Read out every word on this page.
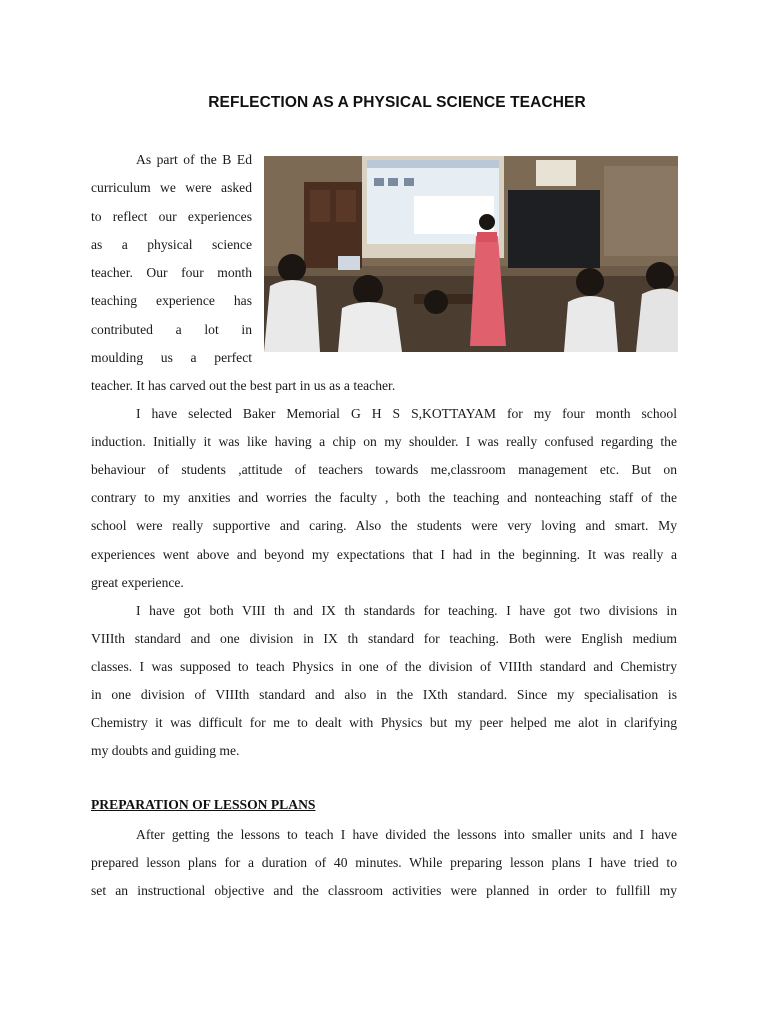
REFLECTION AS A PHYSICAL SCIENCE TEACHER
As part of the B Ed
curriculum we were asked
to reflect our experiences
as a physical science
teacher. Our four month
teaching experience has
contributed a lot in
moulding us a perfect
teacher. It has carved out the best part in us as a teacher.
I have selected Baker Memorial G H S S,KOTTAYAM for my four month school
induction. Initially it was like having a chip on my shoulder. I was really confused regarding the
behaviour of students ,attitude of teachers towards me,classroom management etc. But on
contrary to my anxities and worries the faculty , both the teaching and nonteaching staff of the
school were really supportive and caring. Also the students were very loving and smart. My
experiences went above and beyond my expectations that I had in the beginning. It was really a
great experience.
I have got both VIII th and IX th standards for teaching. I have got two divisions in
VIIIth standard and one division in IX th standard for teaching. Both were English medium
classes. I was supposed to teach Physics in one of the division of VIIIth standard and Chemistry
in one division of VIIIth standard and also in the IXth standard. Since my specialisation is
Chemistry it was difficult for me to dealt with Physics but my peer helped me alot in clarifying
my doubts and guiding me.
PREPARATION OF LESSON PLANS
After getting the lessons to teach I have divided the lessons into smaller units and I have
prepared lesson plans for a duration of 40 minutes. While preparing lesson plans I have tried to
set an instructional objective and the classroom activities were planned in order to fullfill my
